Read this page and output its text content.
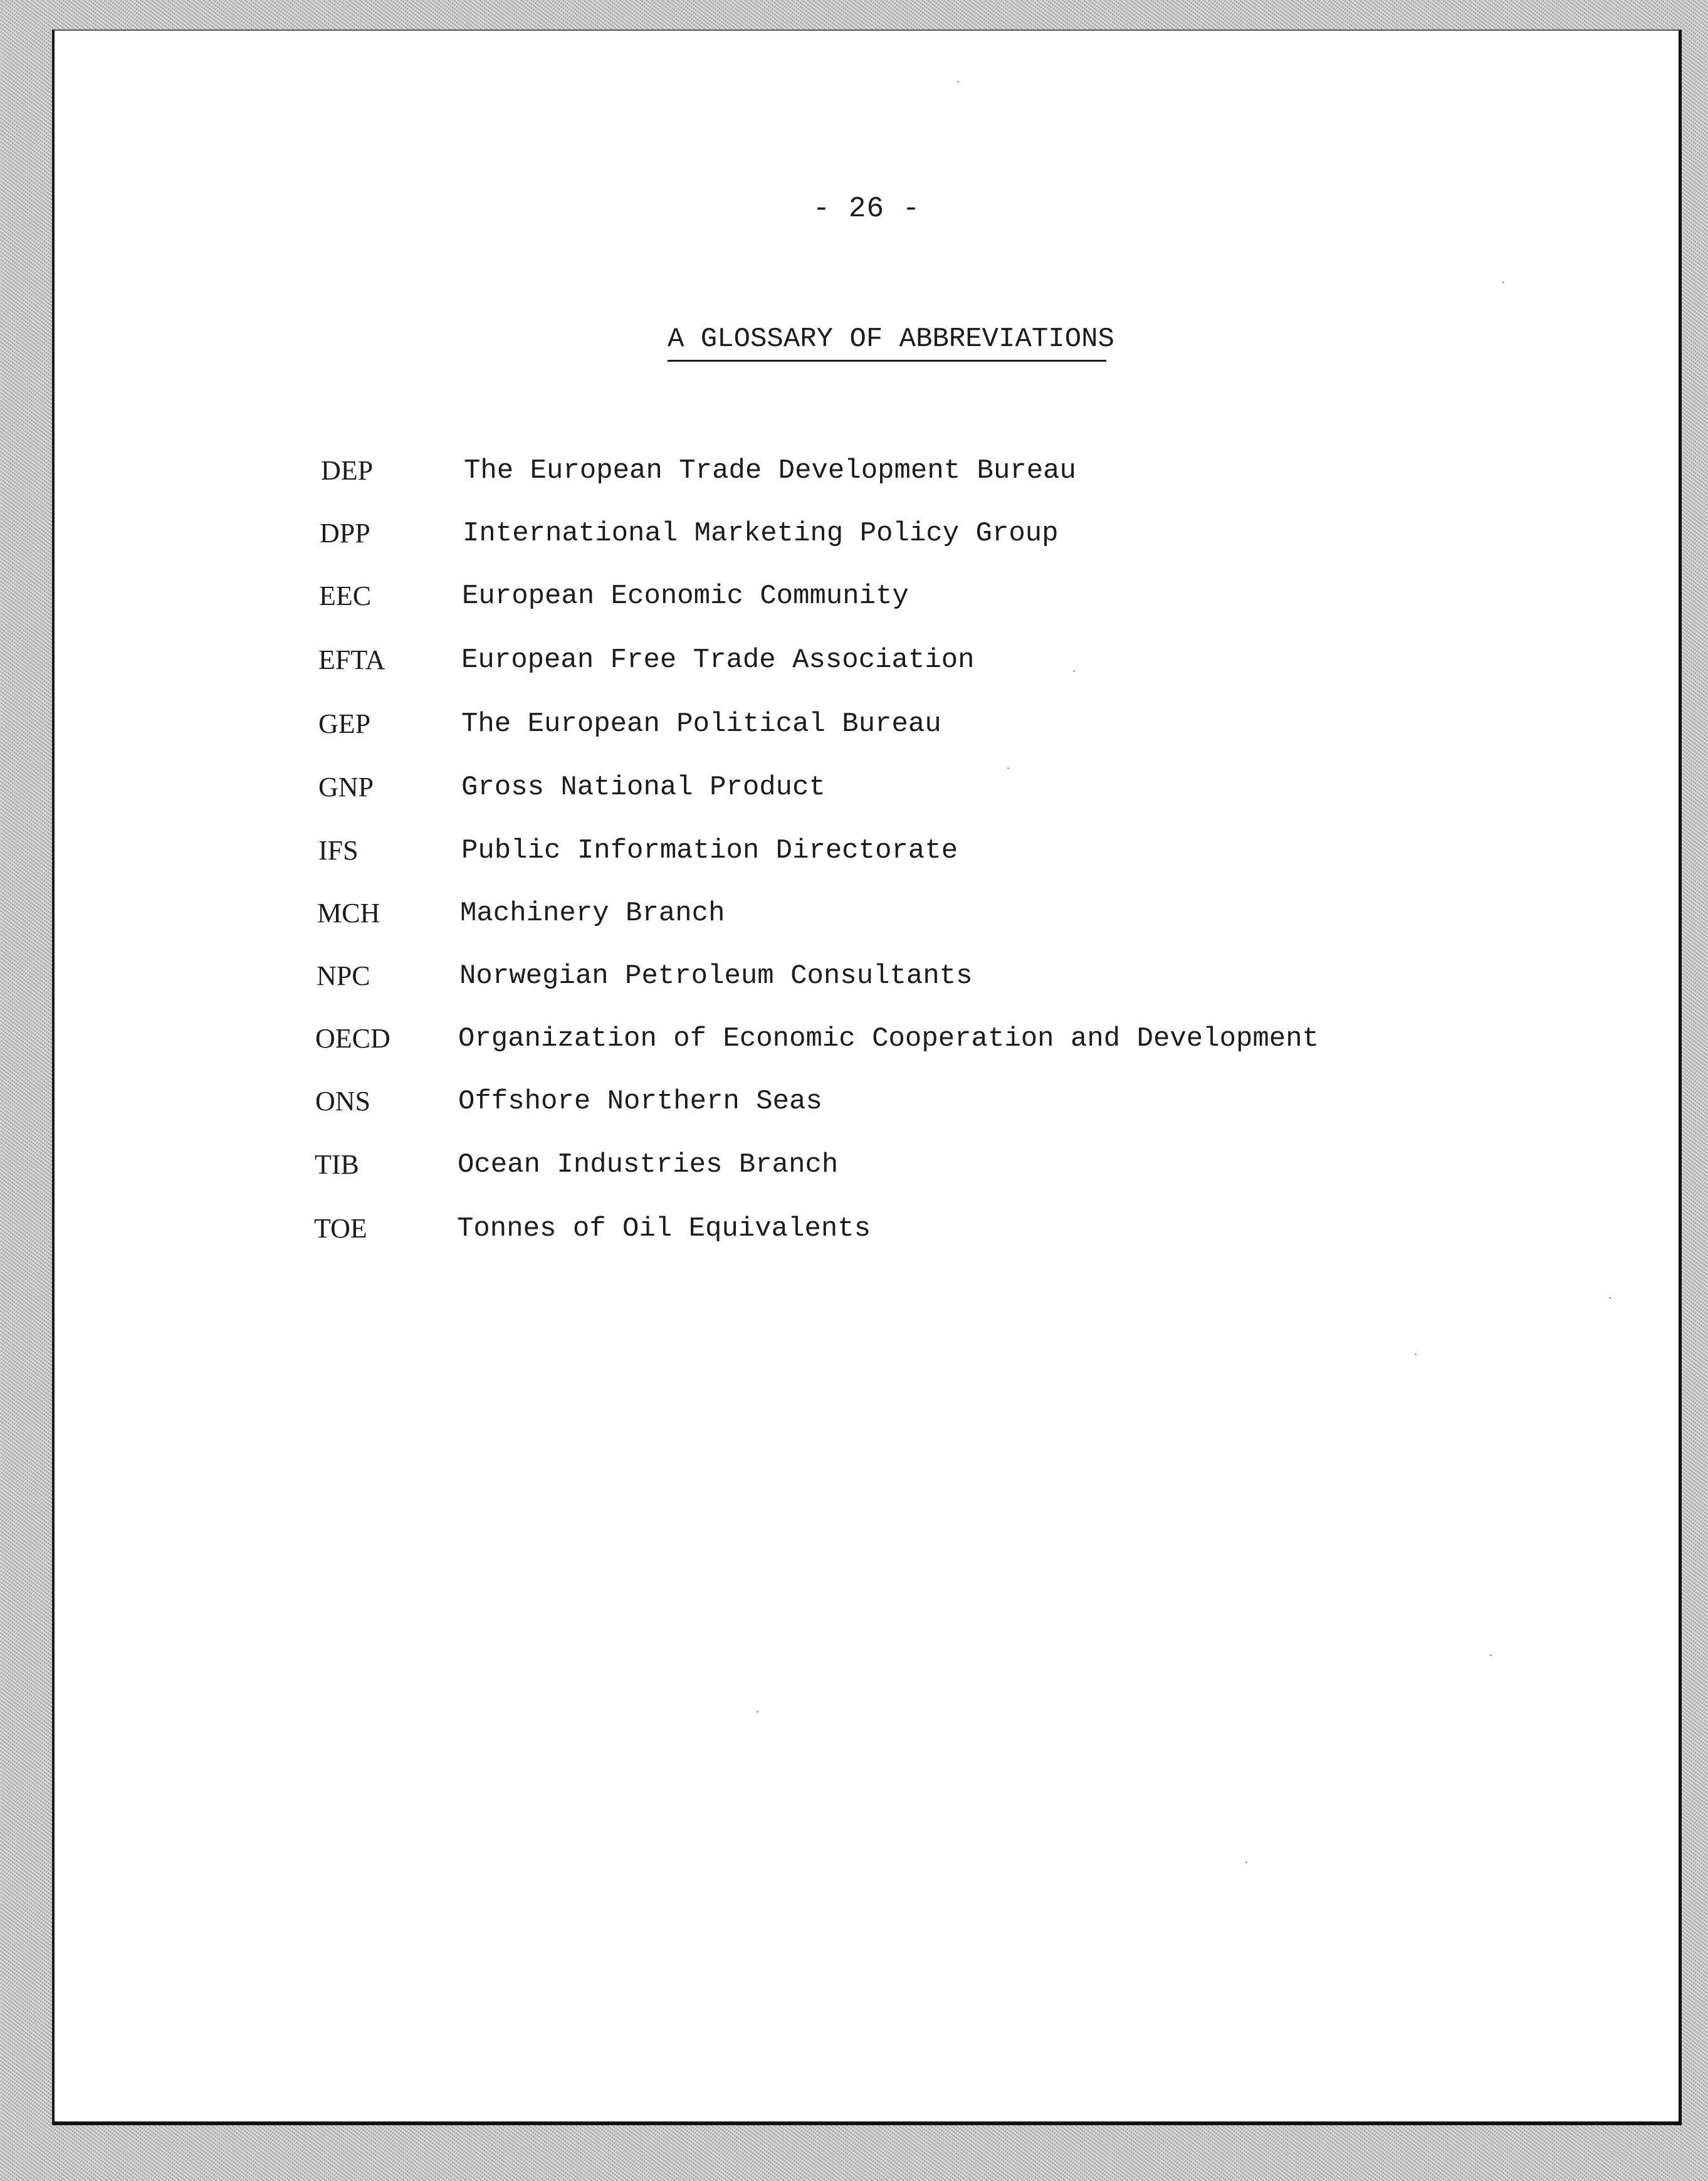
- 26 -
A GLOSSARY OF ABBREVIATIONS
DEP	The European Trade Development Bureau
DPP	International Marketing Policy Group
EEC	European Economic Community
EFTA	European Free Trade Association
GEP	The European Political Bureau
GNP	Gross National Product
IFS	Public Information Directorate
MCH	Machinery Branch
NPC	Norwegian Petroleum Consultants
OECD Organization of Economic Cooperation and Development
ONS	Offshore Northern Seas
TIB	Ocean Industries Branch
TOE	Tonnes of Oil Equivalents
